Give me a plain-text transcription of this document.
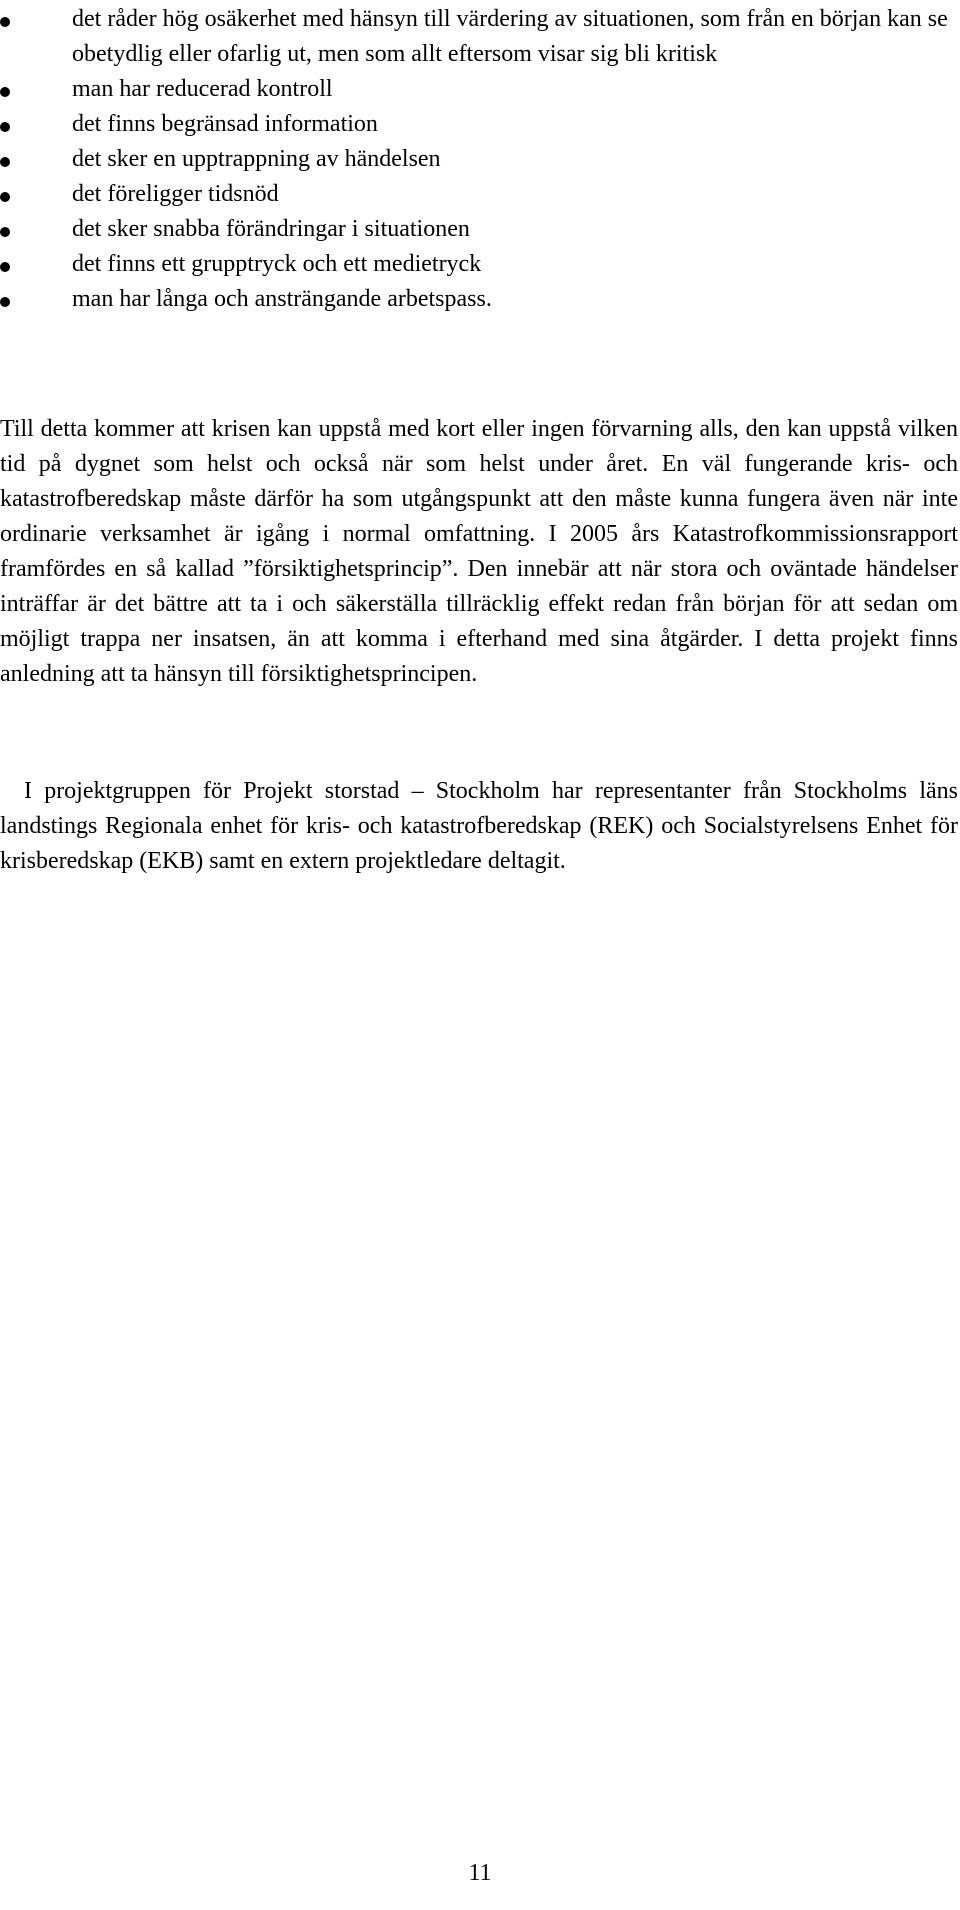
det råder hög osäkerhet med hänsyn till värdering av situationen, som från en början kan se obetydlig eller ofarlig ut, men som allt eftersom visar sig bli kritisk
man har reducerad kontroll
det finns begränsad information
det sker en upptrappning av händelsen
det föreligger tidsnöd
det sker snabba förändringar i situationen
det finns ett grupptryck och ett medietryck
man har långa och ansträngande arbetspass.

Till detta kommer att krisen kan uppstå med kort eller ingen förvarning alls, den kan uppstå vilken tid på dygnet som helst och också när som helst under året. En väl fungerande kris- och katastrofberedskap måste därför ha som utgångspunkt att den måste kunna fungera även när inte ordinarie verksamhet är igång i normal omfattning. I 2005 års Katastrofkommissionsrapport framfördes en så kallad ”försiktighetsprincip”. Den innebär att när stora och oväntade händelser inträffar är det bättre att ta i och säkerställa tillräcklig effekt redan från början för att sedan om möjligt trappa ner insatsen, än att komma i efterhand med sina åtgärder. I detta projekt finns anledning att ta hänsyn till försiktighetsprincipen.

I projektgruppen för Projekt storstad – Stockholm har representanter från Stockholms läns landstings Regionala enhet för kris- och katastrofberedskap (REK) och Socialstyrelsens Enhet för krisberedskap (EKB) samt en extern projektledare deltagit.

11
